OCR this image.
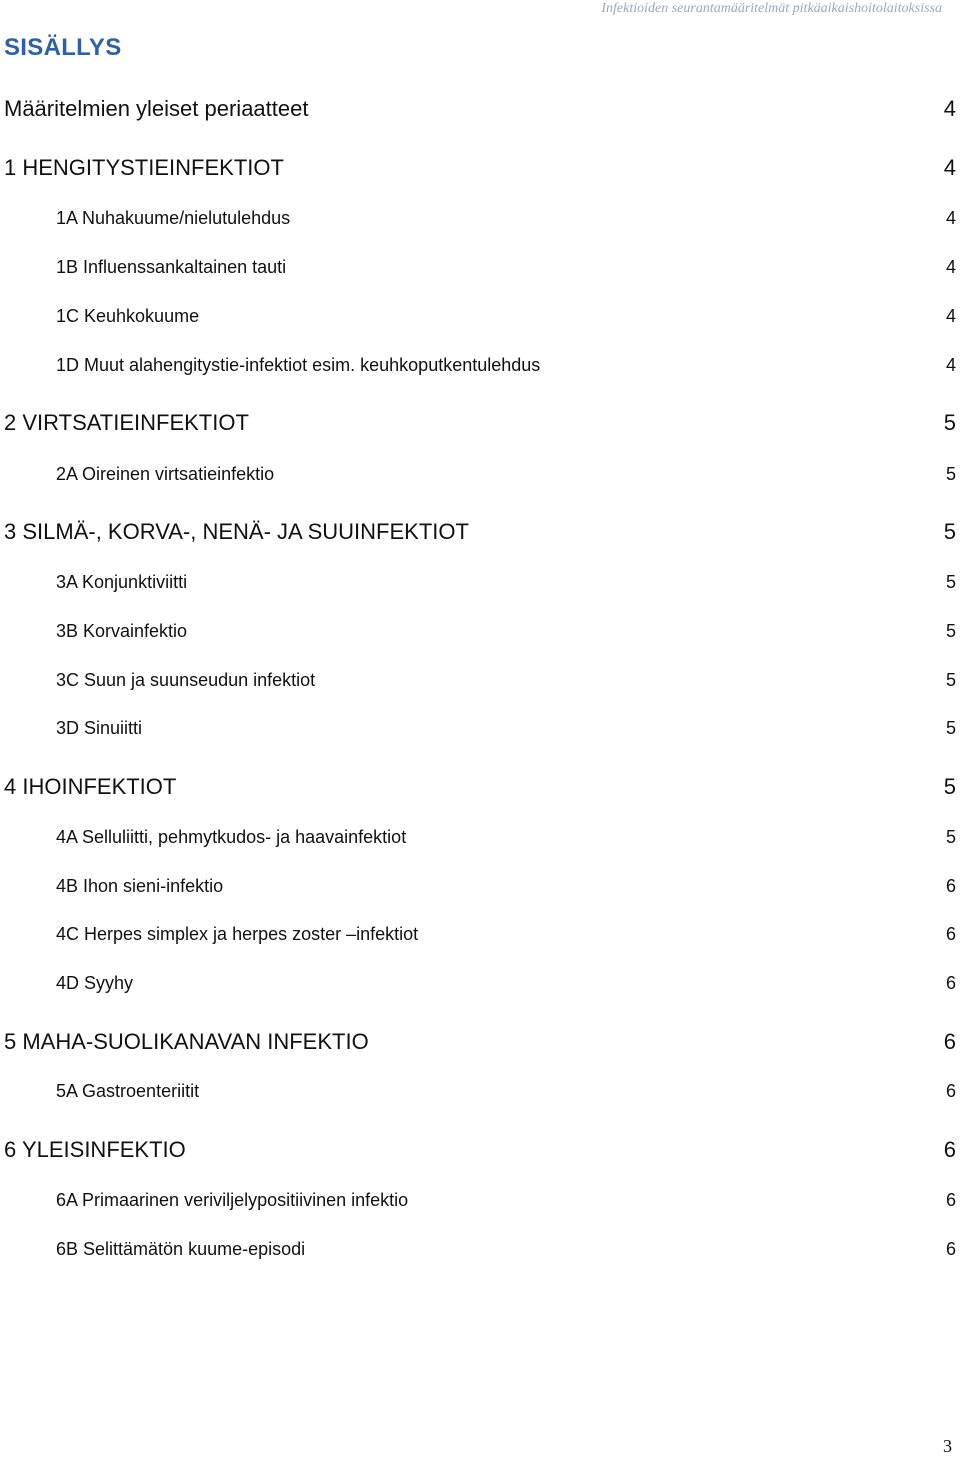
Infektioiden seurantamääritelmät pitkäaikaishoitolaitoksissa
SISÄLLYS
Määritelmien yleiset periaatteet	4
1 HENGITYSTIEINFEKTIOT	4
1A Nuhakuume/nielutulehdus	4
1B Influenssankaltainen tauti	4
1C Keuhkokuume	4
1D Muut alahengitystie-infektiot esim. keuhkoputkentulehdus	4
2 VIRTSATIEINFEKTIOT	5
2A Oireinen virtsatieinfektio	5
3 SILMÄ-, KORVA-, NENÄ- JA SUUINFEKTIOT	5
3A Konjunktiviitti	5
3B Korvainfektio	5
3C Suun ja suunseudun infektiot	5
3D Sinuiitti	5
4 IHOINFEKTIOT	5
4A Selluliitti, pehmytkudos- ja haavainfektiot	5
4B Ihon sieni-infektio	6
4C Herpes simplex ja herpes zoster –infektiot	6
4D Syyhy	6
5 MAHA-SUOLIKANAVAN INFEKTIO	6
5A Gastroenteriitit	6
6 YLEISINFEKTIO	6
6A Primaarinen veriviljelypositiivinen infektio	6
6B Selittämätön kuume-episodi	6
3
